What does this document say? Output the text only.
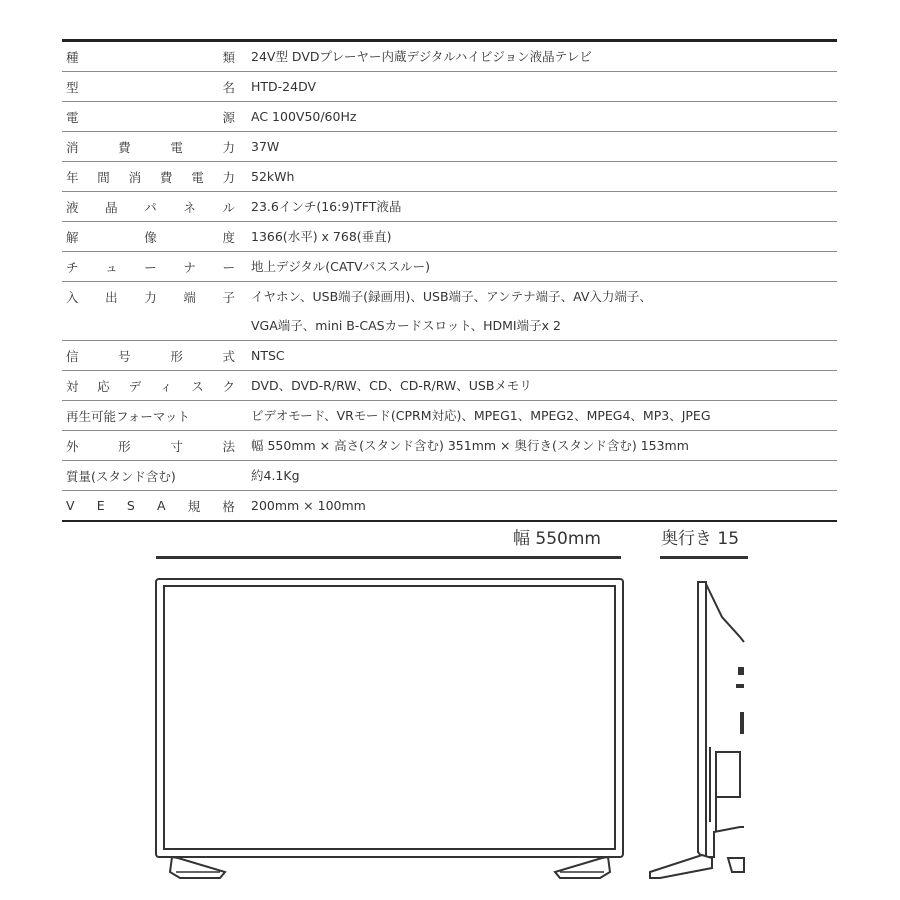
種	類 24V型 DVDプレーヤー内蔵デジタルハイビジョン液晶テレビ
型	名 HTD-24DV
電	源 AC 100V50/60Hz
消	費	電	力 37W
年 間 消 費 電 力 52kWh
液 晶 パ ネ ル 23.6インチ(16:9)TFT液晶
解	像	度 1366(水平) x 768(垂直)
チ ュ ー ナ ー 地上デジタル(CATVパススルー)
入 出 力 端 子 イヤホン、USB端子(録画用)、USB端子、アンテナ端子、AV入力端子、
VGA端子、mini B-CASカードスロット、HDMI端子x 2
信	号	形	式 NTSC
対 応 デ ィ ス ク DVD、DVD-R/RW、CD、CD-R/RW、USBメモリ
再生可能フォーマット	ビデオモード、VRモード(CPRM対応)、MPEG1、MPEG2、MPEG4、MP3、JPEG
外	形	寸	法 幅 550mm × 高さ(スタンド含む) 351mm × 奥行き(スタンド含む) 153mm
質量(スタンド含む)	約4.1Kg
V E S A 規 格 200mm × 100mm
幅 550mm	奥行き 15
